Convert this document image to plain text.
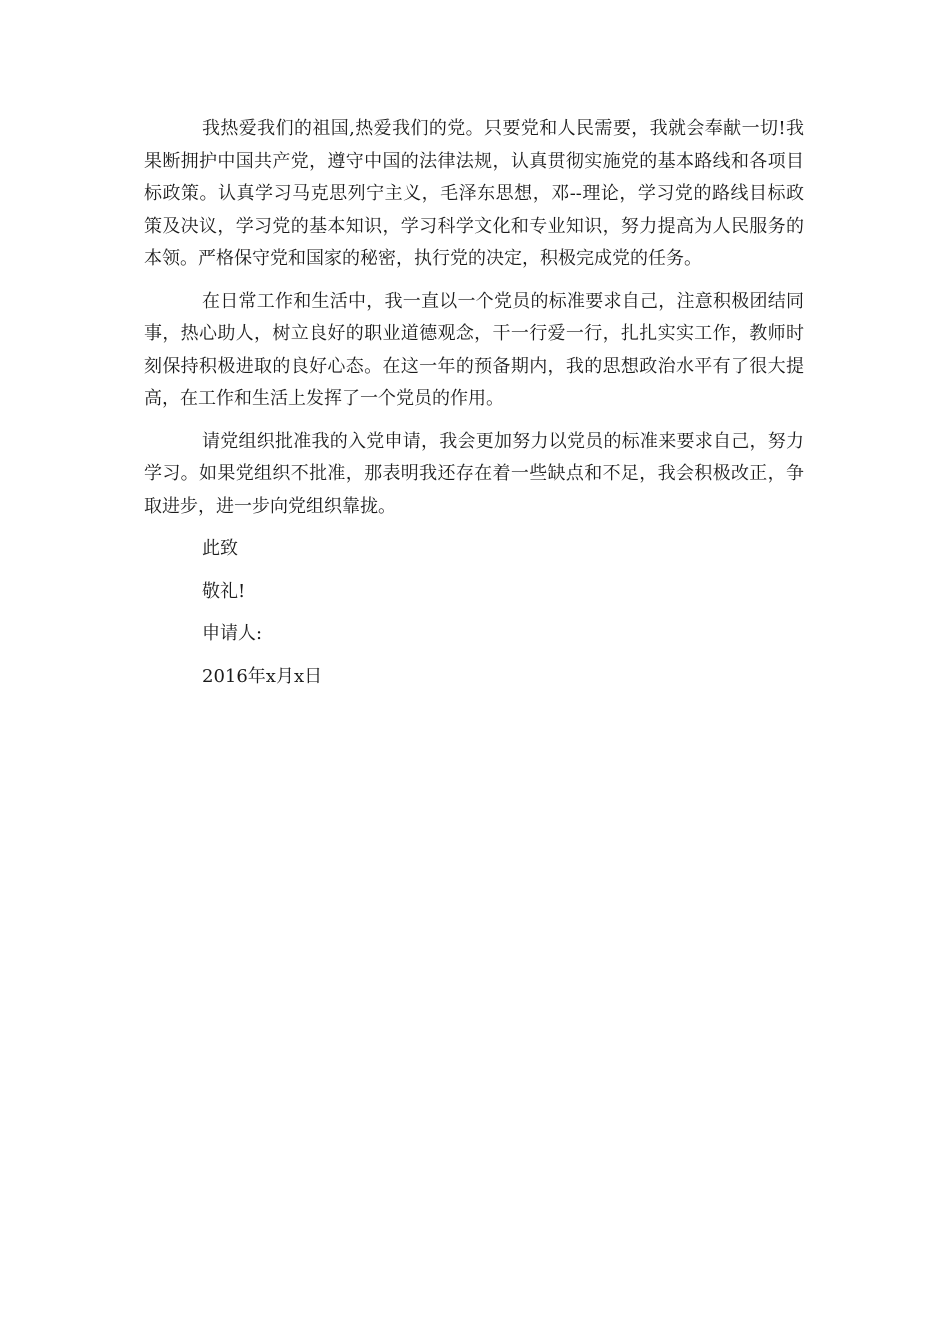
我热爱我们的祖国,热爱我们的党。只要党和人民需要，我就会奉献一切!我果断拥护中国共产党，遵守中国的法律法规，认真贯彻实施党的基本路线和各项目标政策。认真学习马克思列宁主义，毛泽东思想，邓--理论，学习党的路线目标政策及决议，学习党的基本知识，学习科学文化和专业知识，努力提高为人民服务的本领。严格保守党和国家的秘密，执行党的决定，积极完成党的任务。

在日常工作和生活中，我一直以一个党员的标准要求自己，注意积极团结同事，热心助人，树立良好的职业道德观念，干一行爱一行，扎扎实实工作，教师时刻保持积极进取的良好心态。在这一年的预备期内，我的思想政治水平有了很大提高，在工作和生活上发挥了一个党员的作用。

请党组织批准我的入党申请，我会更加努力以党员的标准来要求自己，努力学习。如果党组织不批准，那表明我还存在着一些缺点和不足，我会积极改正，争取进步，进一步向党组织靠拢。

此致
敬礼!
申请人:
2016年x月x日
